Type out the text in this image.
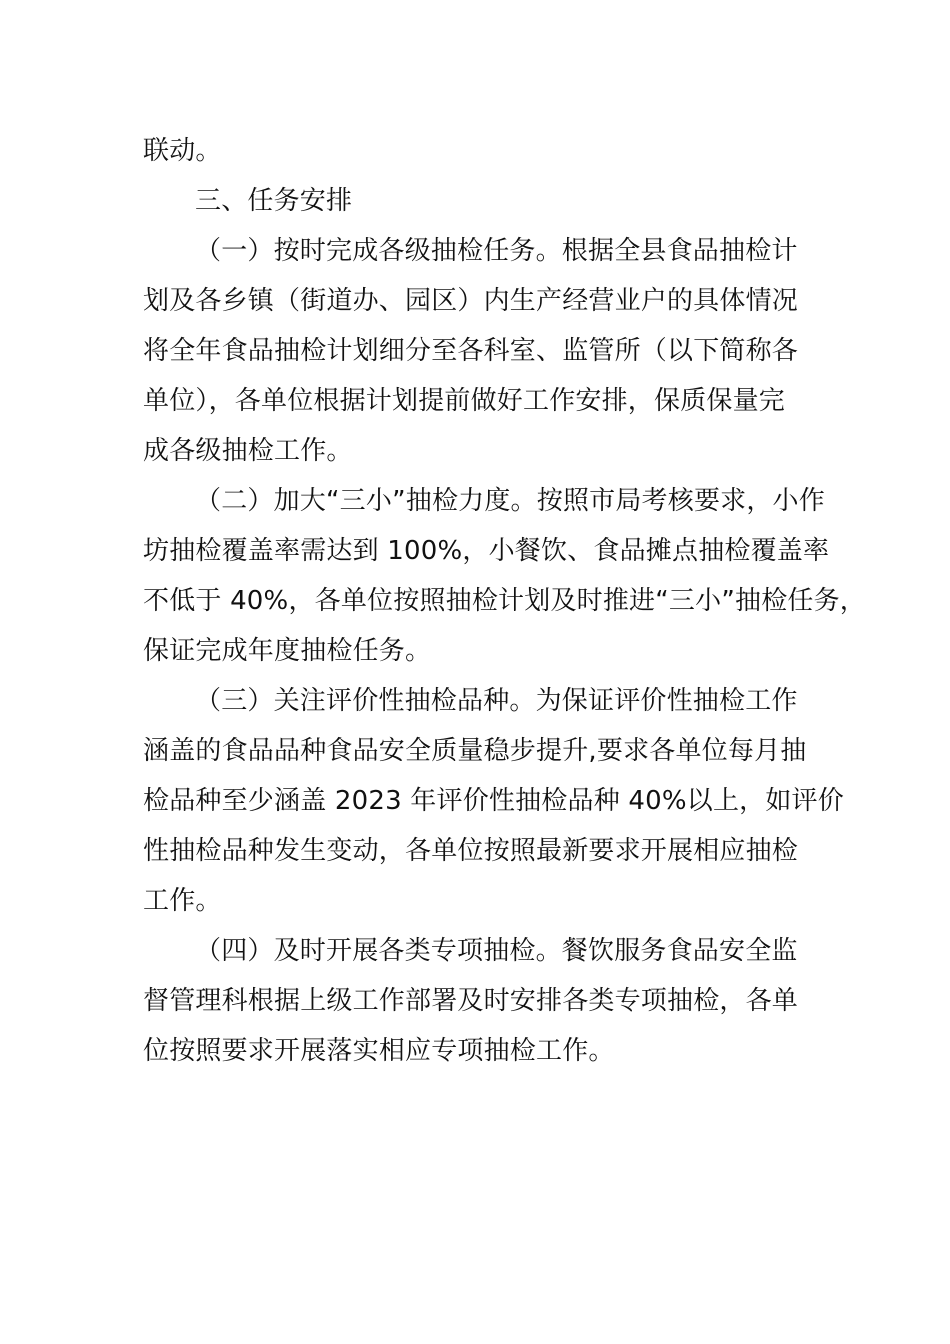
联动。
三、任务安排
（一）按时完成各级抽检任务。根据全县食品抽检计
划及各乡镇（街道办、园区）内生产经营业户的具体情况
将全年食品抽检计划细分至各科室、监管所（以下简称各
单位），各单位根据计划提前做好工作安排，保质保量完
成各级抽检工作。
（二）加大“三小”抽检力度。按照市局考核要求，小作
坊抽检覆盖率需达到 100%，小餐饮、食品摊点抽检覆盖率
不低于 40%，各单位按照抽检计划及时推进“三小”抽检任务，
保证完成年度抽检任务。
（三）关注评价性抽检品种。为保证评价性抽检工作
涵盖的食品品种食品安全质量稳步提升,要求各单位每月抽
检品种至少涵盖 2023 年评价性抽检品种 40%以上，如评价
性抽检品种发生变动，各单位按照最新要求开展相应抽检
工作。
（四）及时开展各类专项抽检。餐饮服务食品安全监
督管理科根据上级工作部署及时安排各类专项抽检，各单
位按照要求开展落实相应专项抽检工作。
